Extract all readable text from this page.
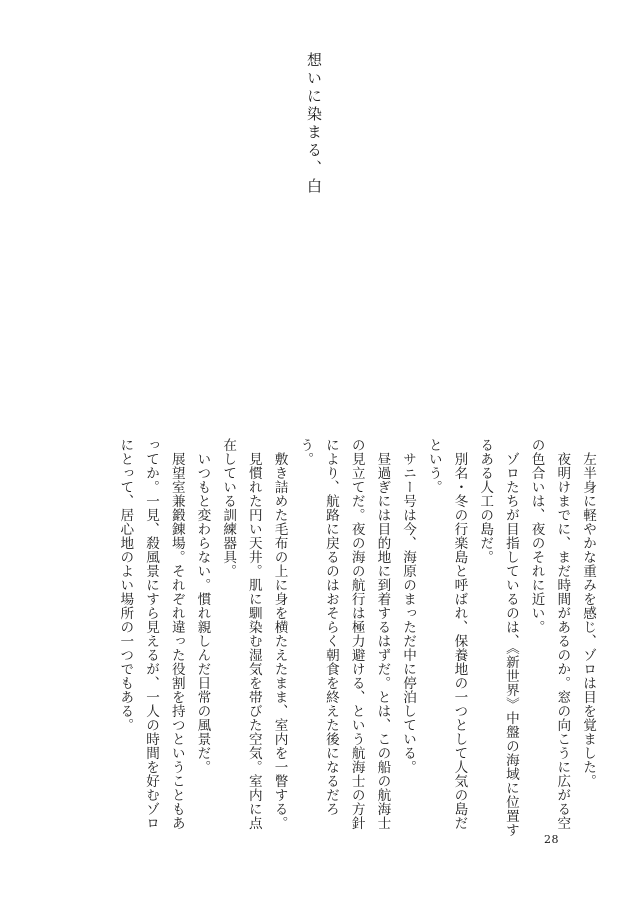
想いに染まる、白

　左半身に軽やかな重みを感じ、ゾロは目を覚ました。

　夜明けまでに、まだ時間があるのか。窓の向こうに広がる空の色合いは、夜のそれに近い。

　ゾロたちが目指しているのは、《新世界》中盤の海域に位置するある人工の島だ。

　別名・冬の行楽島と呼ばれ、保養地の一つとして人気の島だという。

　サニー号は今、海原のまっただ中に停泊している。

　昼過ぎには目的地に到着するはずだ。とは、この船の航海士の見立てだ。夜の海の航行は極力避ける、という航海士の方針により、航路に戻るのはおそらく朝食を終えた後になるだろう。

　敷き詰めた毛布の上に身を横たえたまま、室内を一瞥する。

　見慣れた円い天井。肌に馴染む湿気を帯びた空気。室内に点在している訓練器具。

　いつもと変わらない。慣れ親しんだ日常の風景だ。

　展望室兼鍛錬場。それぞれ違った役割を持つということもあってか。一見、殺風景にすら見えるが、一人の時間を好むゾロにとって、居心地のよい場所の一つでもある。

28
